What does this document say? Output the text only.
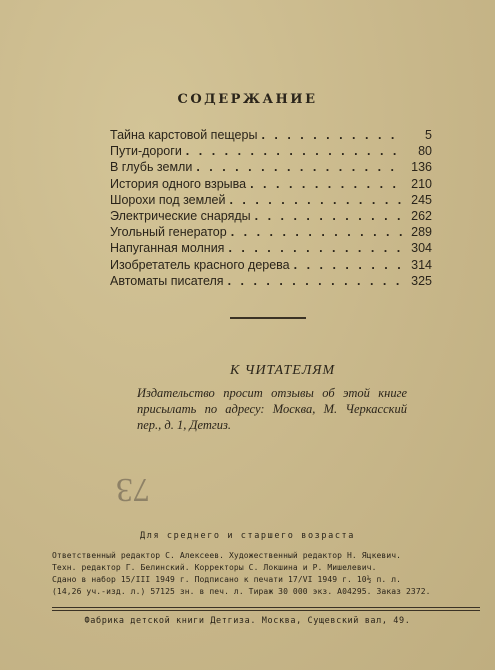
СОДЕРЖАНИЕ
Тайна карстовой пещеры . . .	5
Пути-дороги . . .	80
В глубь земли . . .	136
История одного взрыва . . .	210
Шорохи под землей . . .	245
Электрические снаряды . . .	262
Угольный генератор . . .	289
Напуганная молния . . .	304
Изобретатель красного дерева . . .	314
Автоматы писателя . . .	325
К ЧИТАТЕЛЯМ
Издательство просит отзывы об этой книге присылать по адресу: Москва, М. Черкасский пер., д. 1, Детгиз.
73
Для среднего и старшего возраста
Ответственный редактор С. Алексеев. Художественный редактор Н. Яцкевич.
Техн. редактор Г. Белинский. Корректоры С. Локшина и Р. Мишелевич.
Сдано в набор 15/III 1949 г. Подписано к печати 17/VI 1949 г. 10½ п. л.
(14,26 уч.-изд. л.) 57125 зн. в печ. л. Тираж 30 000 экз. А04295. Заказ 2372.
Фабрика детской книги Детгиза. Москва, Сущевский вал, 49.
